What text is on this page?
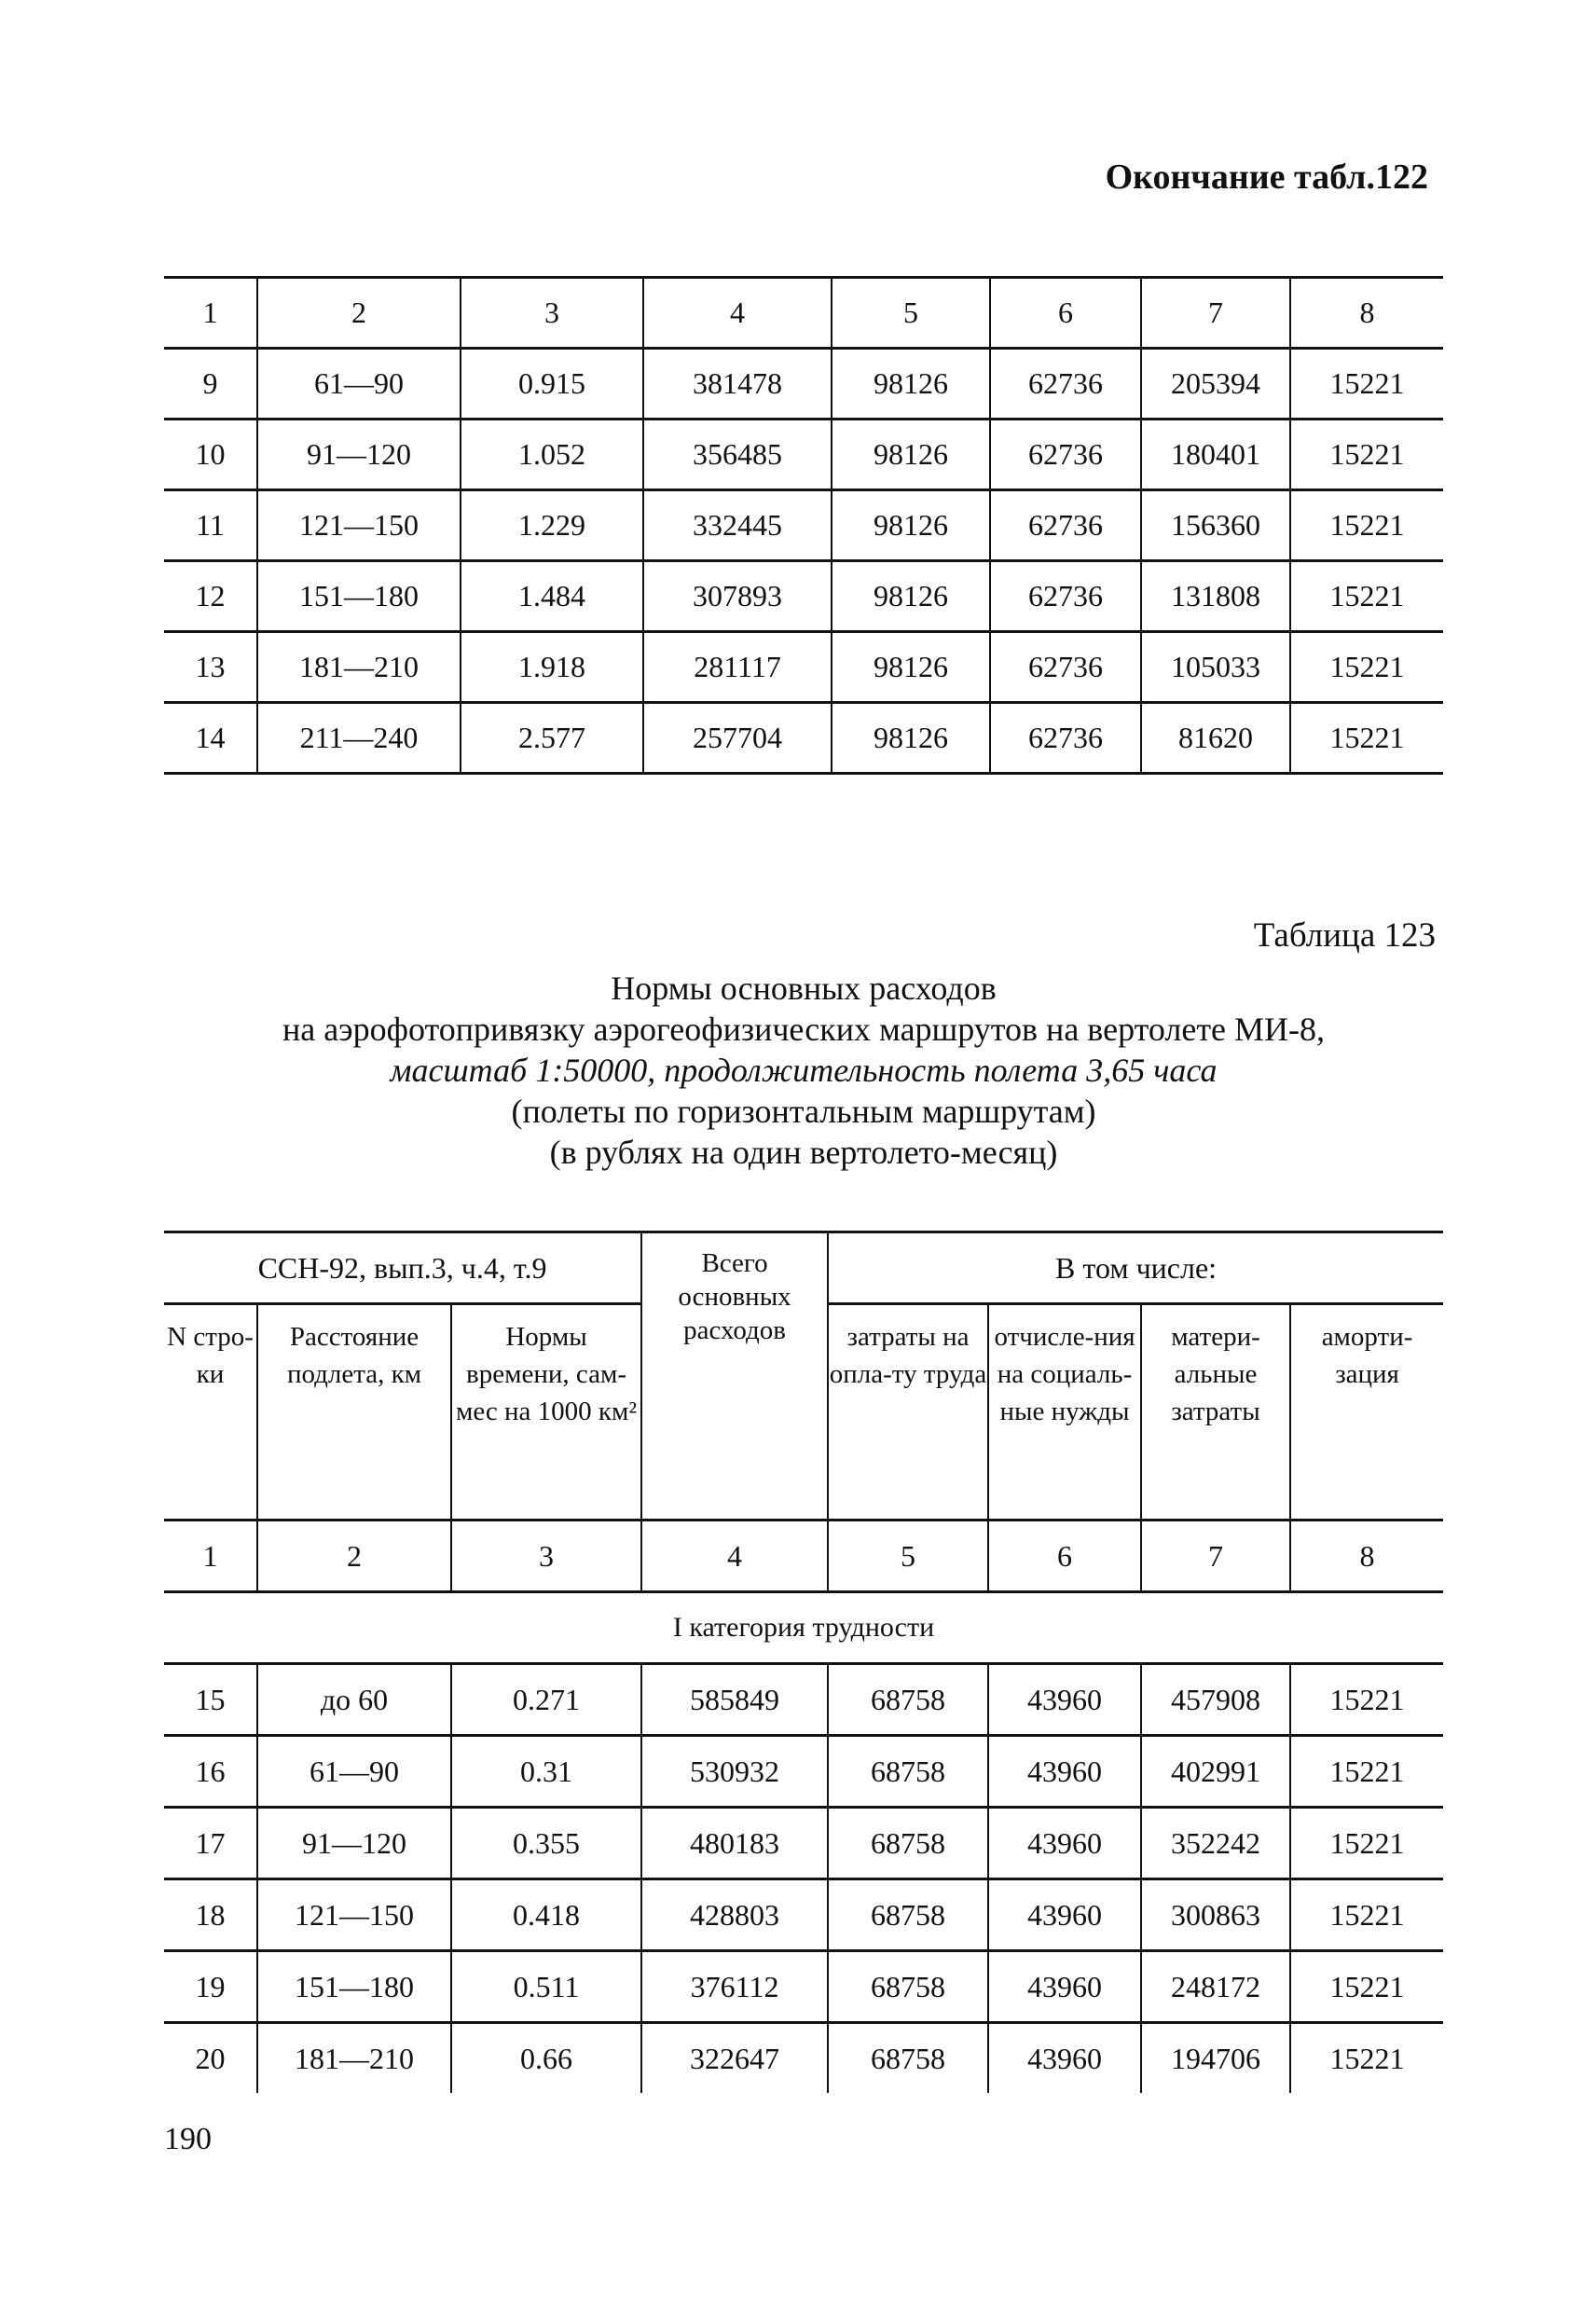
Окончание табл.122
1	2	3	4	5	6	7	8
9	61—90	0.915	381478	98126	62736	205394	15221
10	91—120	1.052	356485	98126	62736	180401	15221
11	121—150	1.229	332445	98126	62736	156360	15221
12	151—180	1.484	307893	98126	62736	131808	15221
13	181—210	1.918	281117	98126	62736	105033	15221
14	211—240	2.577	257704	98126	62736	81620	15221
Таблица 123
Нормы основных расходов
на аэрофотопривязку аэрогеофизических маршрутов на вертолете МИ-8,
масштаб 1:50000, продолжительность полета 3,65 часа
(полеты по горизонтальным маршрутам)
(в рублях на один вертолето-месяц)
ССН-92, вып.3, ч.4, т.9			Всего основных расходов	В том числе:			
N стро-ки	Расстояние подлета, км	Нормы времени, сам-мес на 1000 км²		затраты на опла-ту труда	отчисле-ния на социаль-ные нужды	матери-альные затраты	аморти-зация
1	2	3	4	5	6	7	8
I категория трудности							
15	до 60	0.271	585849	68758	43960	457908	15221
16	61—90	0.31	530932	68758	43960	402991	15221
17	91—120	0.355	480183	68758	43960	352242	15221
18	121—150	0.418	428803	68758	43960	300863	15221
19	151—180	0.511	376112	68758	43960	248172	15221
20	181—210	0.66	322647	68758	43960	194706	15221
190
